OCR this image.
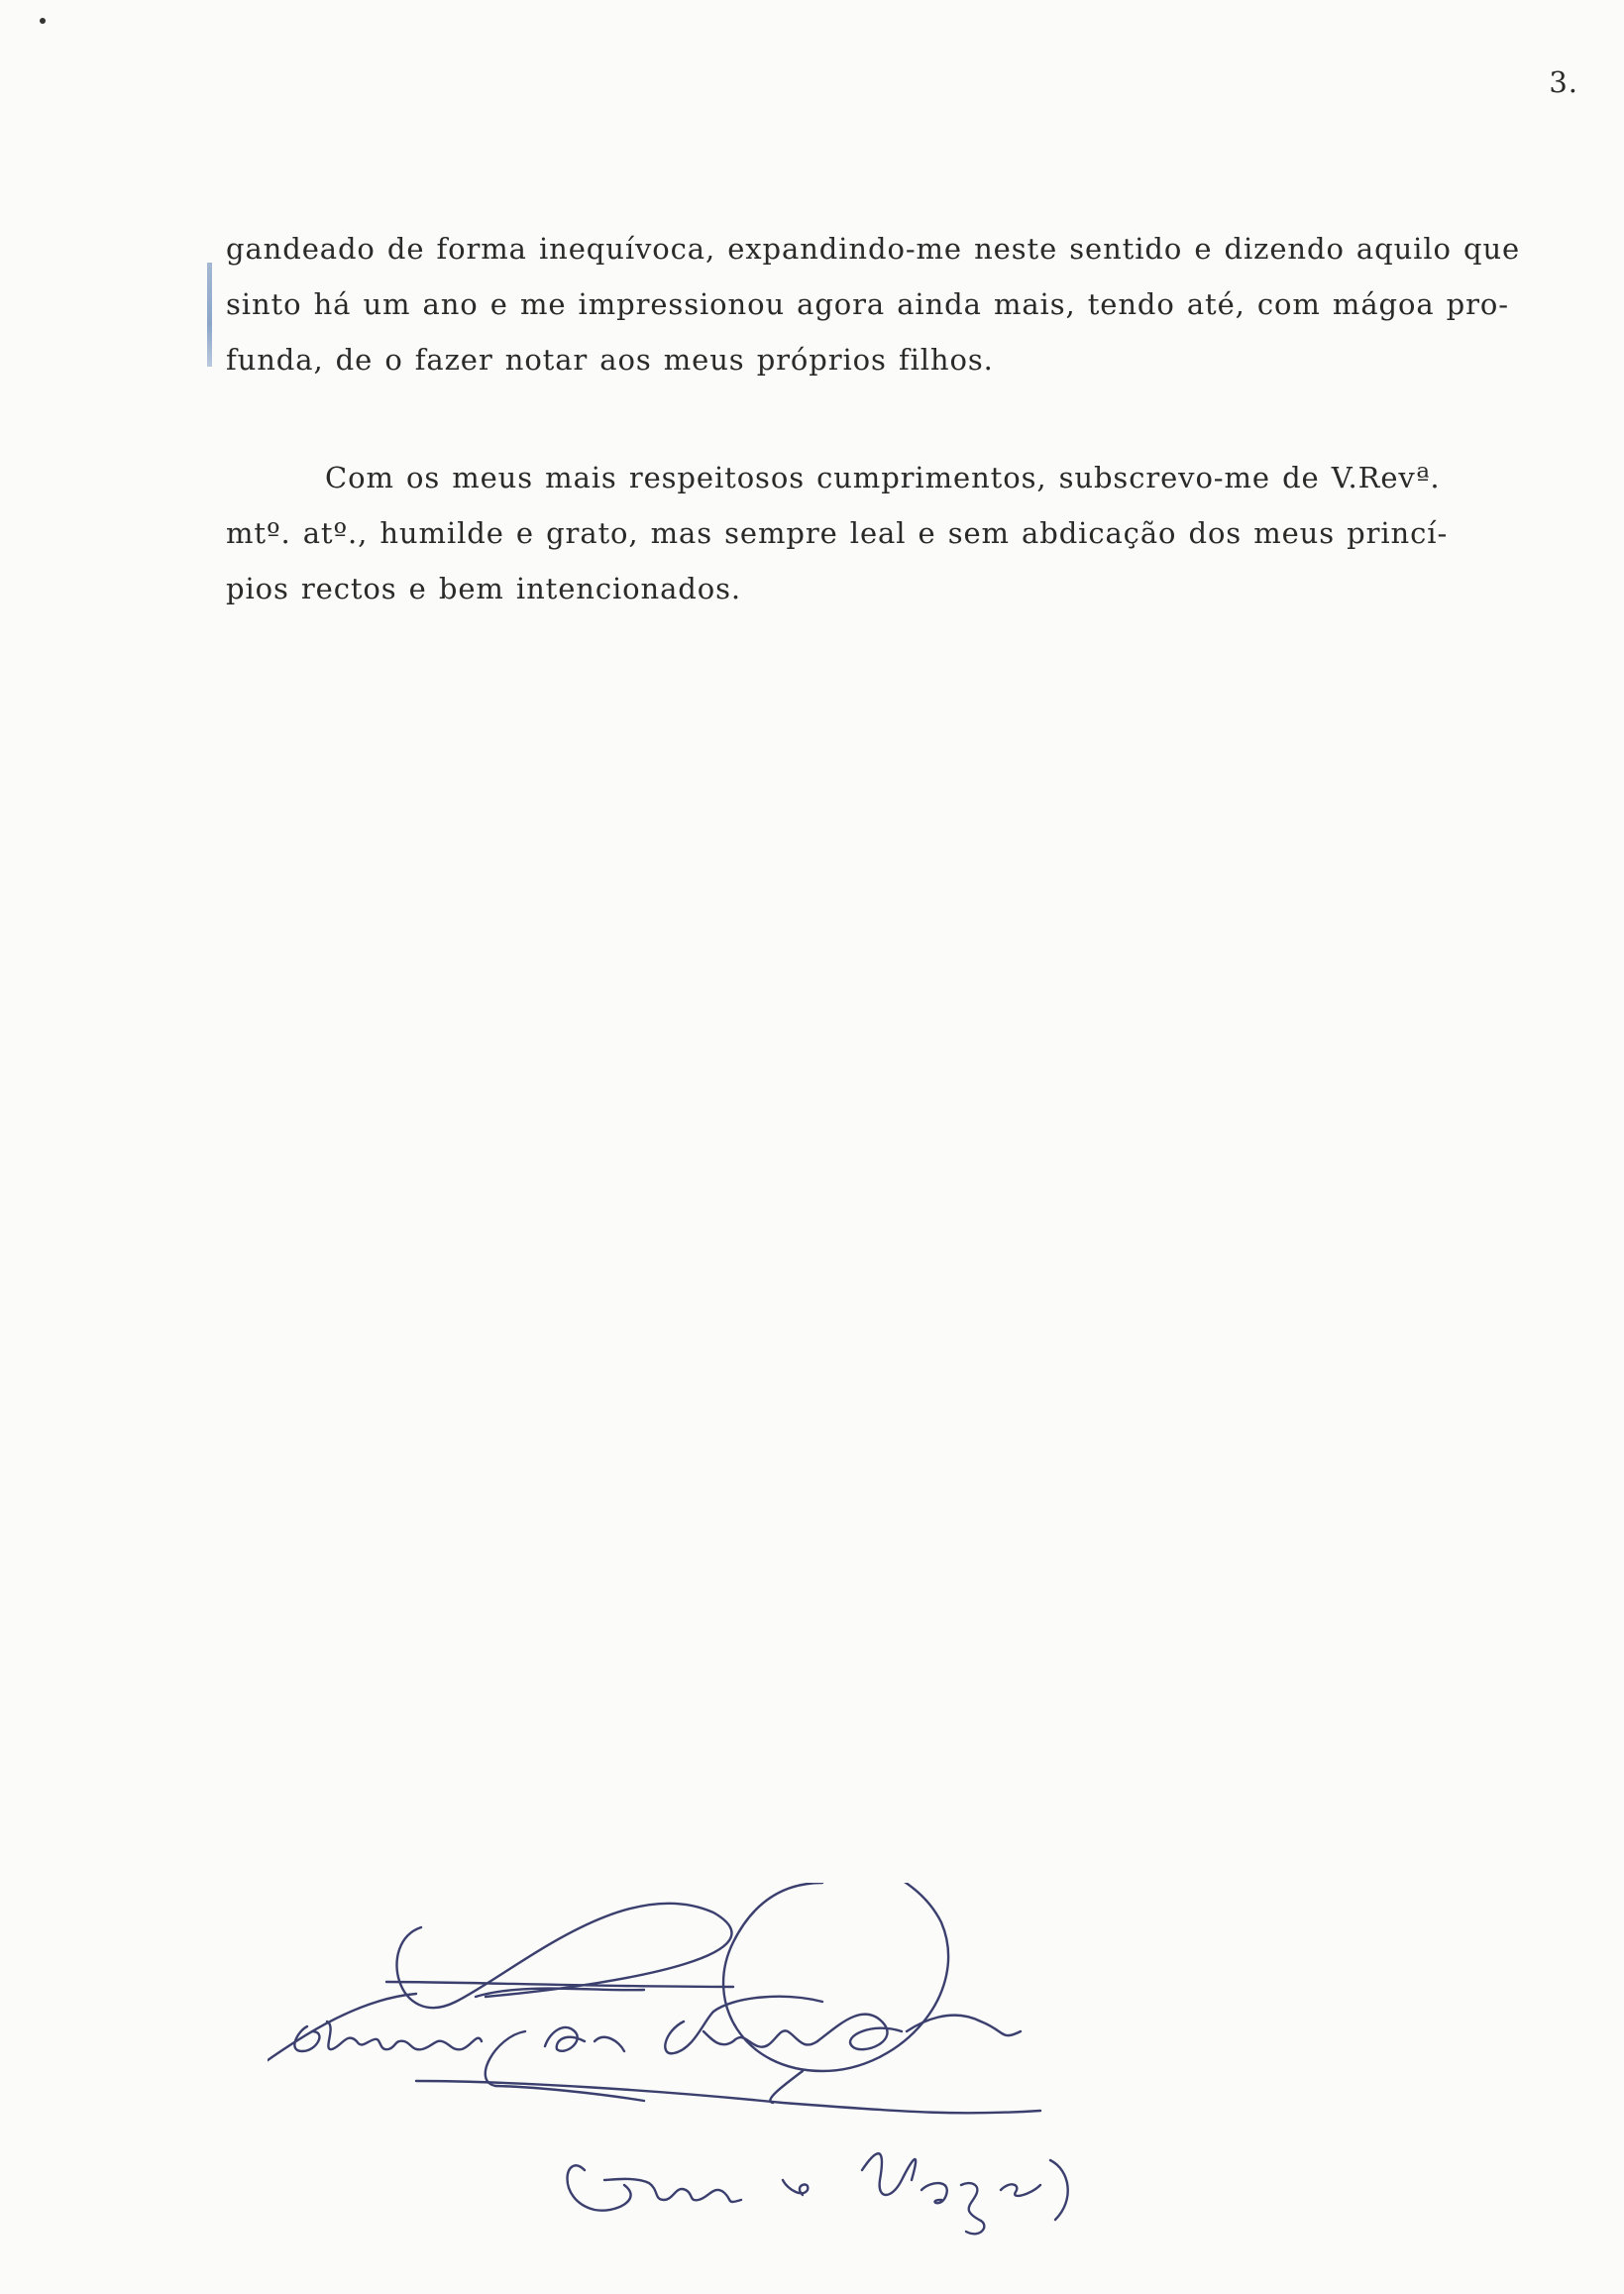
3.

gandeado de forma inequívoca, expandindo-me neste sentido e dizendo aquilo que
sinto há um ano e me impressionou agora ainda mais, tendo até, com mágoa pro-
funda, de o fazer notar aos meus próprios filhos.

Com os meus mais respeitosos cumprimentos, subscrevo-me de V.Revª.
mtº. atº., humilde e grato, mas sempre leal e sem abdicação dos meus princí-
pios rectos e bem intencionados.
